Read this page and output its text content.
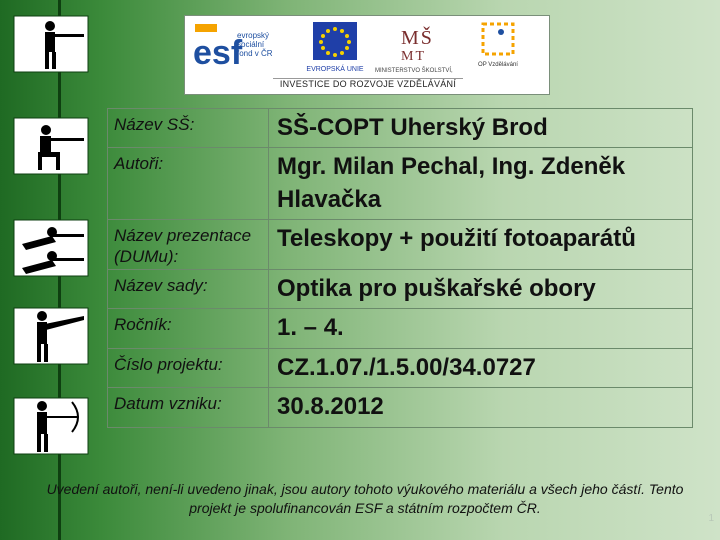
esf
evropský
sociální
fond v ČR
EVROPSKÁ UNIE
MŠ
MT
MINISTERSTVO ŠKOLSTVÍ,
OP Vzdělávání
INVESTICE DO ROZVOJE VZDĚLÁVÁNÍ
Název SŠ:	SŠ-COPT Uherský Brod
Autoři:	Mgr. Milan Pechal, Ing. Zdeněk Hlavačka
Název prezentace (DUMu):	Teleskopy + použití fotoaparátů
Název sady:	Optika pro puškařské obory
Ročník:	1. – 4.
Číslo projektu:	CZ.1.07./1.5.00/34.0727
Datum vzniku:	30.8.2012
Uvedení autoři, není-li uvedeno jinak, jsou autory tohoto výukového materiálu a všech jeho částí. Tento projekt je spolufinancován ESF a státním rozpočtem ČR.
1
